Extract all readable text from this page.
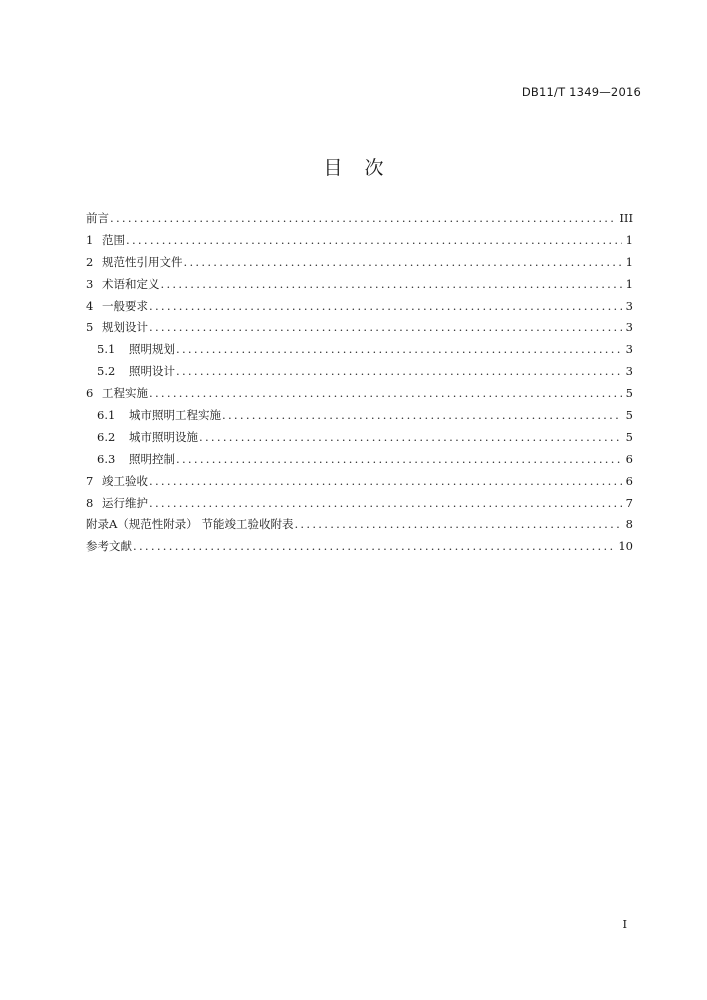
DB11/T 1349—2016
目次
前言 .....	III
1 范围 .....	1
2 规范性引用文件 .....	1
3 术语和定义 .....	1
4 一般要求 .....	3
5 规划设计 .....	3
5.1	照明规划 .....	3
5.2	照明设计 .....	3
6 工程实施 .....	5
6.1	城市照明工程实施 .....	5
6.2	城市照明设施 .....	5
6.3	照明控制 .....	6
7 竣工验收 .....	6
8 运行维护 .....	7
附录A（规范性附录） 节能竣工验收附表 .....	8
参考文献 .....	10
I
